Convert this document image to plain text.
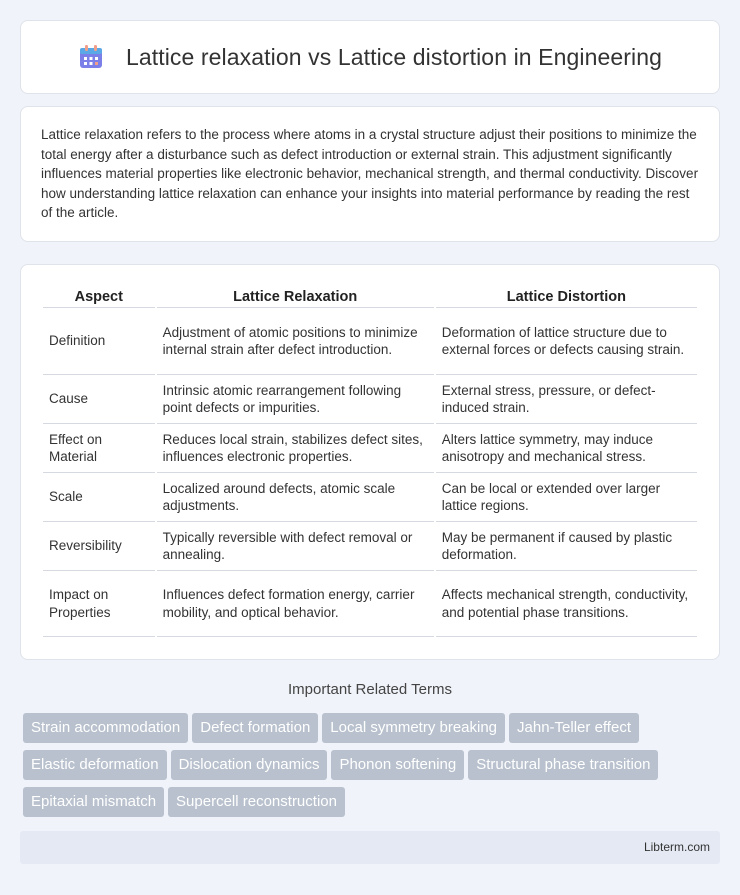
Lattice relaxation vs Lattice distortion in Engineering

Lattice relaxation refers to the process where atoms in a crystal structure adjust their positions to minimize the total energy after a disturbance such as defect introduction or external strain. This adjustment significantly influences material properties like electronic behavior, mechanical strength, and thermal conductivity. Discover how understanding lattice relaxation can enhance your insights into material performance by reading the rest of the article.

Aspect	Lattice Relaxation	Lattice Distortion
Definition	Adjustment of atomic positions to minimize internal strain after defect introduction.	Deformation of lattice structure due to external forces or defects causing strain.
Cause	Intrinsic atomic rearrangement following point defects or impurities.	External stress, pressure, or defect-induced strain.
Effect on Material	Reduces local strain, stabilizes defect sites, influences electronic properties.	Alters lattice symmetry, may induce anisotropy and mechanical stress.
Scale	Localized around defects, atomic scale adjustments.	Can be local or extended over larger lattice regions.
Reversibility	Typically reversible with defect removal or annealing.	May be permanent if caused by plastic deformation.
Impact on Properties	Influences defect formation energy, carrier mobility, and optical behavior.	Affects mechanical strength, conductivity, and potential phase transitions.
Important Related Terms
Strain accommodation Defect formation Local symmetry breaking Jahn-Teller effectElastic deformation Dislocation dynamics Phonon softening Structural phase transitionEpitaxial mismatch Supercell reconstruction
Libterm.com
